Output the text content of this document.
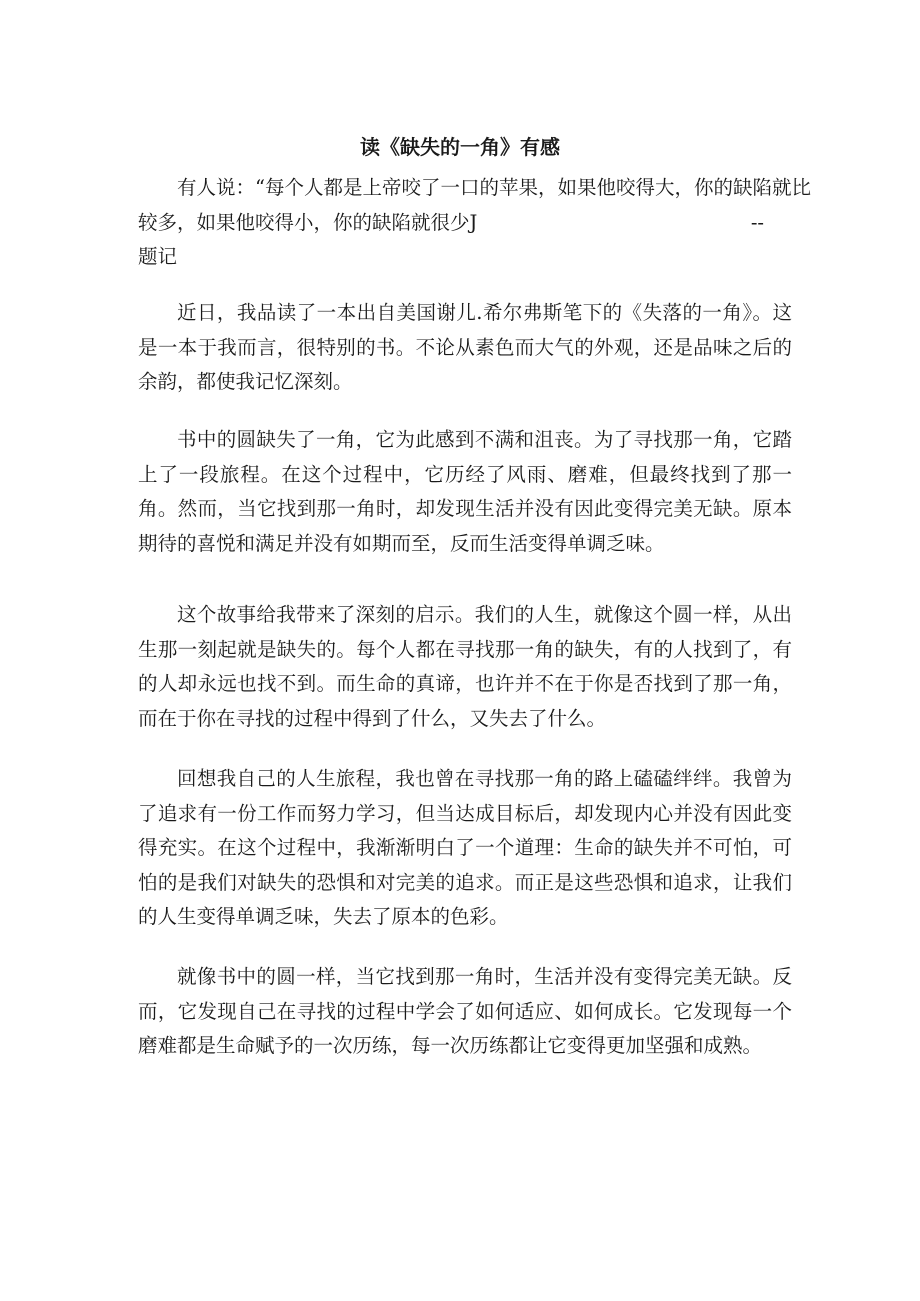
读《缺失的一角》有感
有人说：“每个人都是上帝咬了一口的苹果，如果他咬得大，你的缺陷就比
较多，如果他咬得小，你的缺陷就很少J	--
题记

近日，我品读了一本出自美国谢儿.希尔弗斯笔下的《失落的一角》。这是一本于我而言，很特别的书。不论从素色而大气的外观，还是品味之后的余韵，都使我记忆深刻。

书中的圆缺失了一角，它为此感到不满和沮丧。为了寻找那一角，它踏上了一段旅程。在这个过程中，它历经了风雨、磨难，但最终找到了那一角。然而，当它找到那一角时，却发现生活并没有因此变得完美无缺。原本期待的喜悦和满足并没有如期而至，反而生活变得单调乏味。

这个故事给我带来了深刻的启示。我们的人生，就像这个圆一样，从出生那一刻起就是缺失的。每个人都在寻找那一角的缺失，有的人找到了，有的人却永远也找不到。而生命的真谛，也许并不在于你是否找到了那一角，而在于你在寻找的过程中得到了什么，又失去了什么。

回想我自己的人生旅程，我也曾在寻找那一角的路上磕磕绊绊。我曾为了追求有一份工作而努力学习，但当达成目标后，却发现内心并没有因此变得充实。在这个过程中，我渐渐明白了一个道理：生命的缺失并不可怕，可怕的是我们对缺失的恐惧和对完美的追求。而正是这些恐惧和追求，让我们的人生变得单调乏味，失去了原本的色彩。

就像书中的圆一样，当它找到那一角时，生活并没有变得完美无缺。反而，它发现自己在寻找的过程中学会了如何适应、如何成长。它发现每一个磨难都是生命赋予的一次历练，每一次历练都让它变得更加坚强和成熟。
